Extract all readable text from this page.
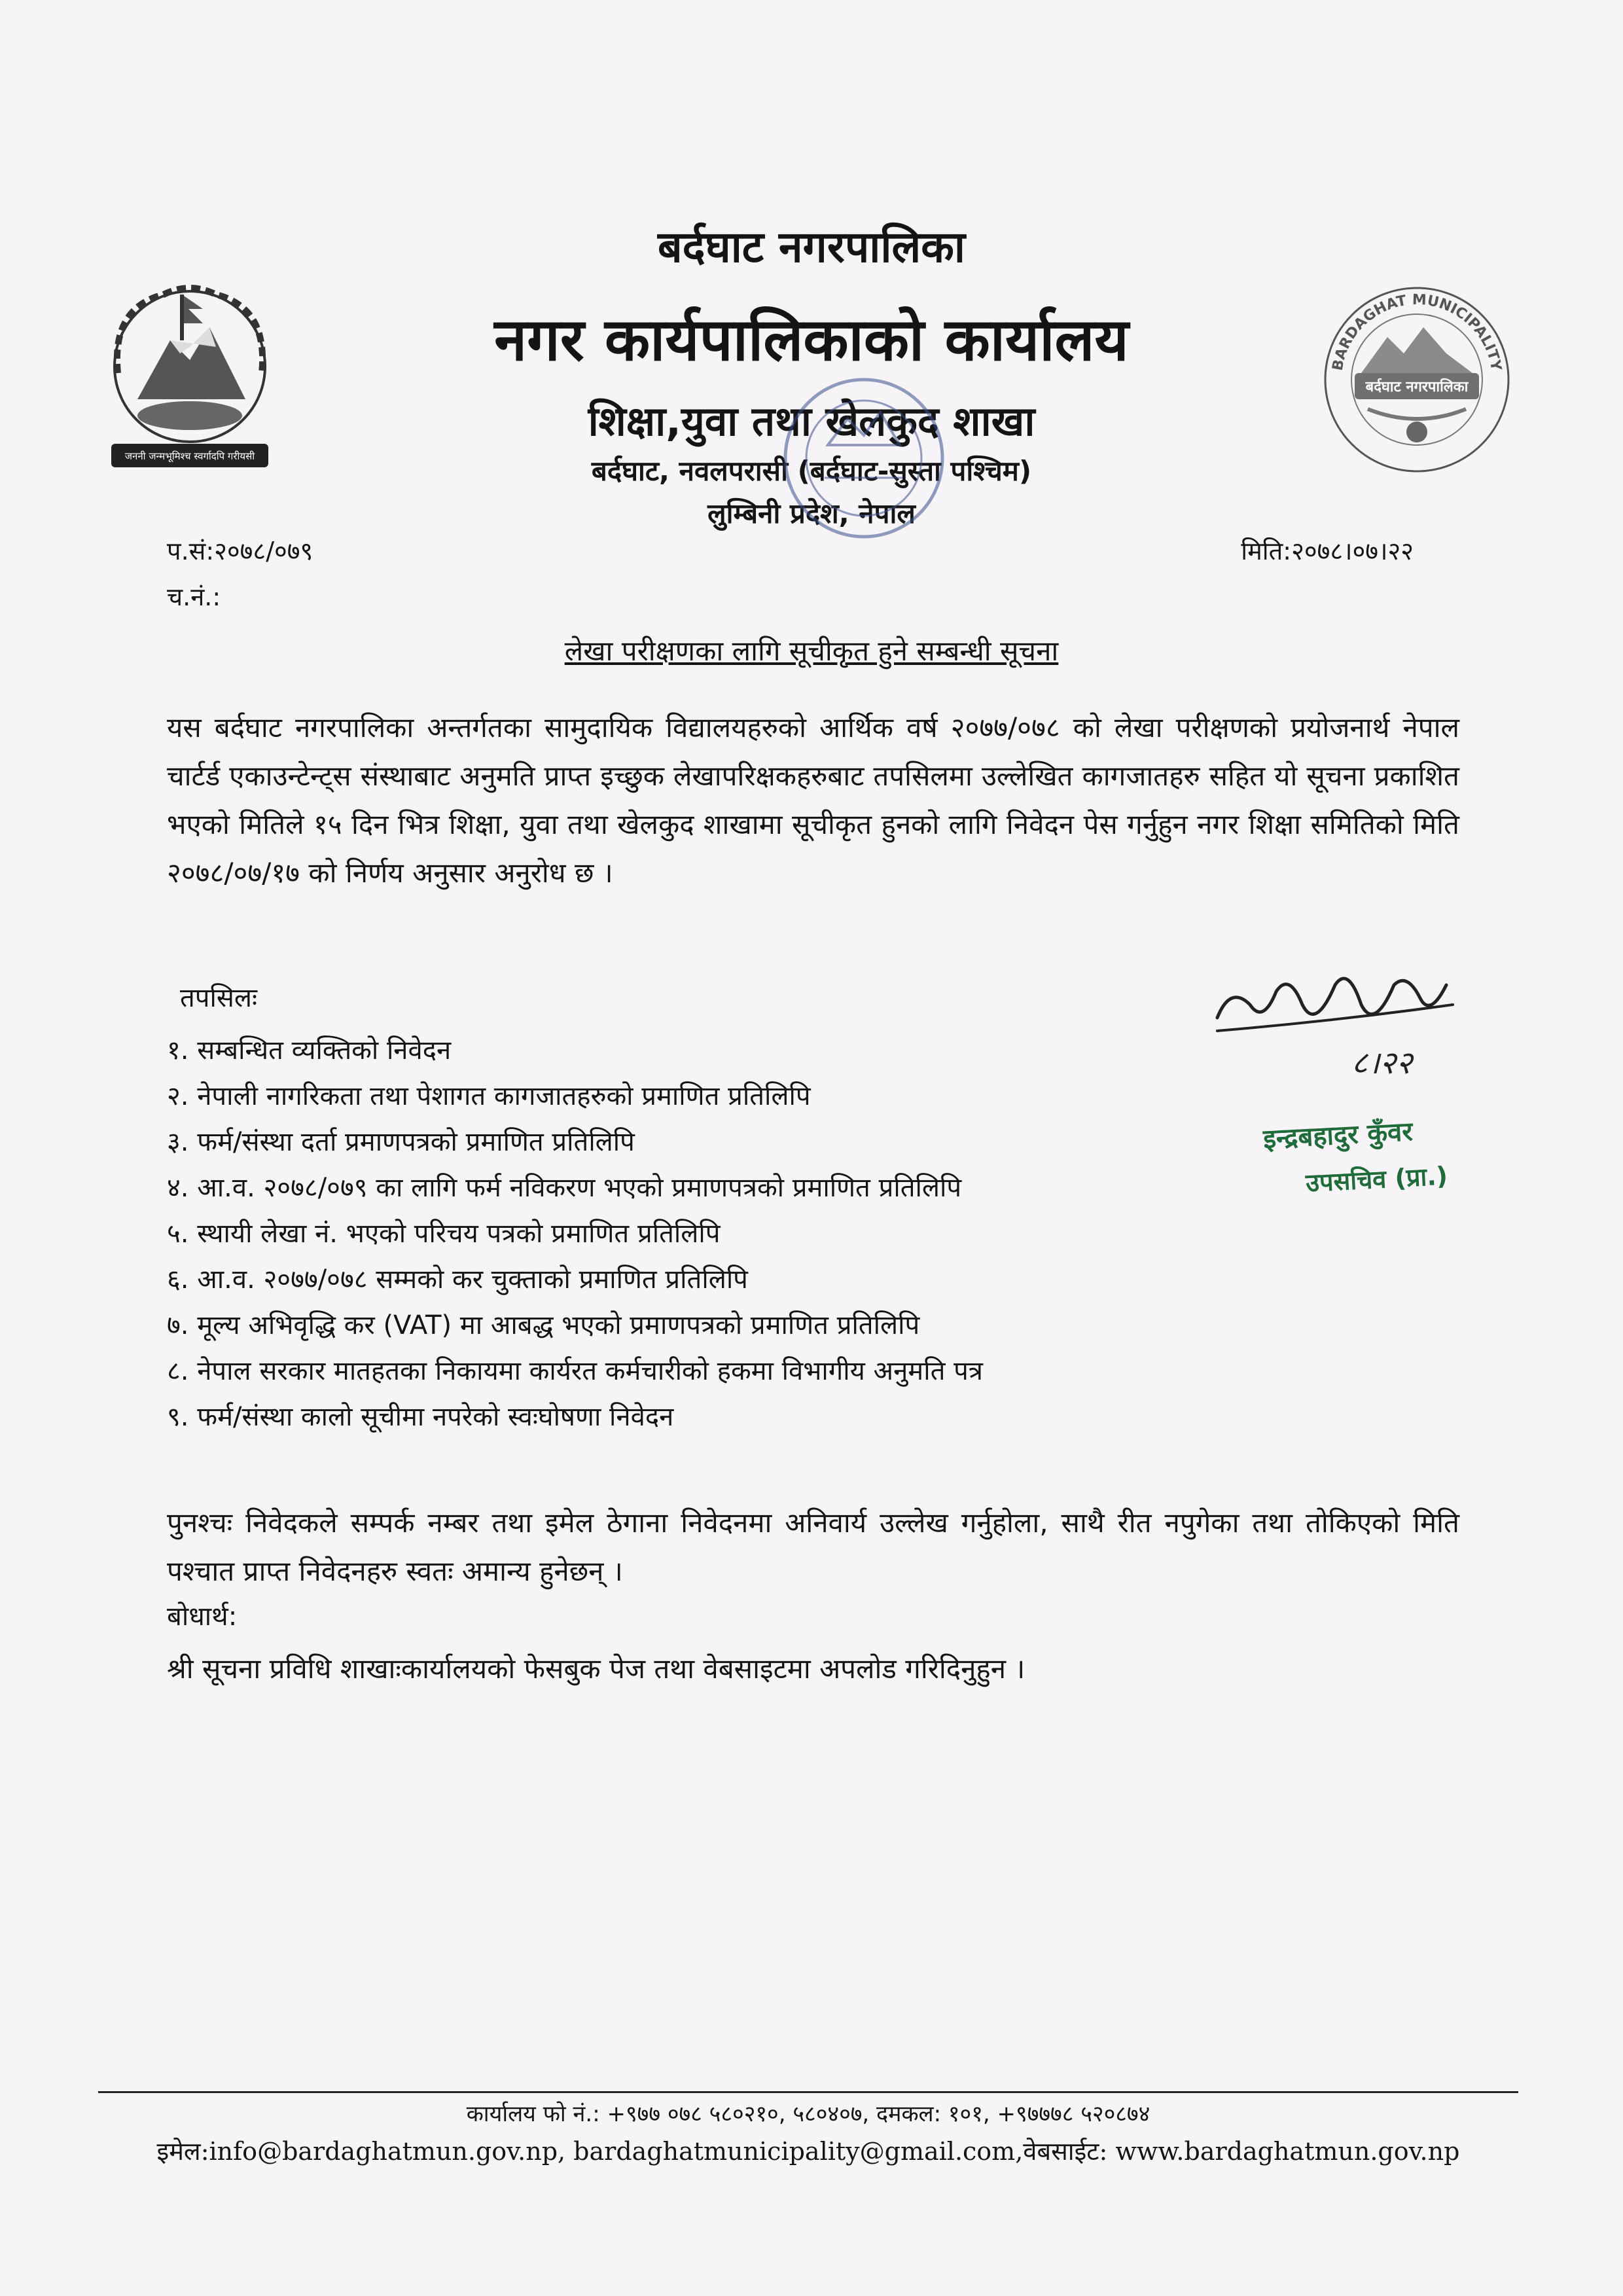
जननी जन्मभूमिश्च स्वर्गादपि गरीयसी
BARDAGHAT MUNICIPALITY
बर्दघाट नगरपालिका
बर्दघाट नगरपालिका
नगर कार्यपालिकाको कार्यालय
शिक्षा,युवा तथा खेलकुद शाखा
बर्दघाट, नवलपरासी (बर्दघाट-सुस्ता पश्चिम)
लुम्बिनी प्रदेश, नेपाल
प.सं:२०७८/०७९
च.नं.:
मिति:२०७८।०७।२२
लेखा परीक्षणका लागि सूचीकृत हुने सम्बन्धी सूचना

यस बर्दघाट नगरपालिका अन्तर्गतका सामुदायिक विद्यालयहरुको आर्थिक वर्ष २०७७/०७८ को लेखा परीक्षणको प्रयोजनार्थ नेपाल चार्टर्ड एकाउन्टेन्ट्स संस्थाबाट अनुमति प्राप्त इच्छुक लेखापरिक्षकहरुबाट तपसिलमा उल्लेखित कागजातहरु सहित यो सूचना प्रकाशित भएको मितिले १५ दिन भित्र शिक्षा, युवा तथा खेलकुद शाखामा सूचीकृत हुनको लागि निवेदन पेस गर्नुहुन नगर शिक्षा समितिको मिति २०७८/०७/१७ को निर्णय अनुसार अनुरोध छ ।

तपसिलः
१. सम्बन्धित व्यक्तिको निवेदन
२. नेपाली नागरिकता तथा पेशागत कागजातहरुको प्रमाणित प्रतिलिपि
३. फर्म/संस्था दर्ता प्रमाणपत्रको प्रमाणित प्रतिलिपि
४. आ.व. २०७८/०७९ का लागि फर्म नविकरण भएको प्रमाणपत्रको प्रमाणित प्रतिलिपि
५. स्थायी लेखा नं. भएको परिचय पत्रको प्रमाणित प्रतिलिपि
६. आ.व. २०७७/०७८ सम्मको कर चुक्ताको प्रमाणित प्रतिलिपि
७. मूल्य अभिवृद्धि कर (VAT) मा आबद्ध भएको प्रमाणपत्रको प्रमाणित प्रतिलिपि
८. नेपाल सरकार मातहतका निकायमा कार्यरत कर्मचारीको हकमा विभागीय अनुमति पत्र
९. फर्म/संस्था कालो सूचीमा नपरेको स्वःघोषणा निवेदन
८।२२
इन्द्रबहादुर कुँवर
उपसचिव (प्रा.)

पुनश्चः निवेदकले सम्पर्क नम्बर तथा इमेल ठेगाना निवेदनमा अनिवार्य उल्लेख गर्नुहोला, साथै रीत नपुगेका तथा तोकिएको मिति पश्चात प्राप्त निवेदनहरु स्वतः अमान्य हुनेछन् ।

बोधार्थ:
श्री सूचना प्रविधि शाखाःकार्यालयको फेसबुक पेज तथा वेबसाइटमा अपलोड गरिदिनुहुन ।
कार्यालय फो नं.: +९७७ ०७८ ५८०२१०, ५८०४०७, दमकल: १०१, +९७७७८ ५२०८७४
इमेल:info@bardaghatmun.gov.np, bardaghatmunicipality@gmail.com,वेबसाईट: www.bardaghatmun.gov.np
